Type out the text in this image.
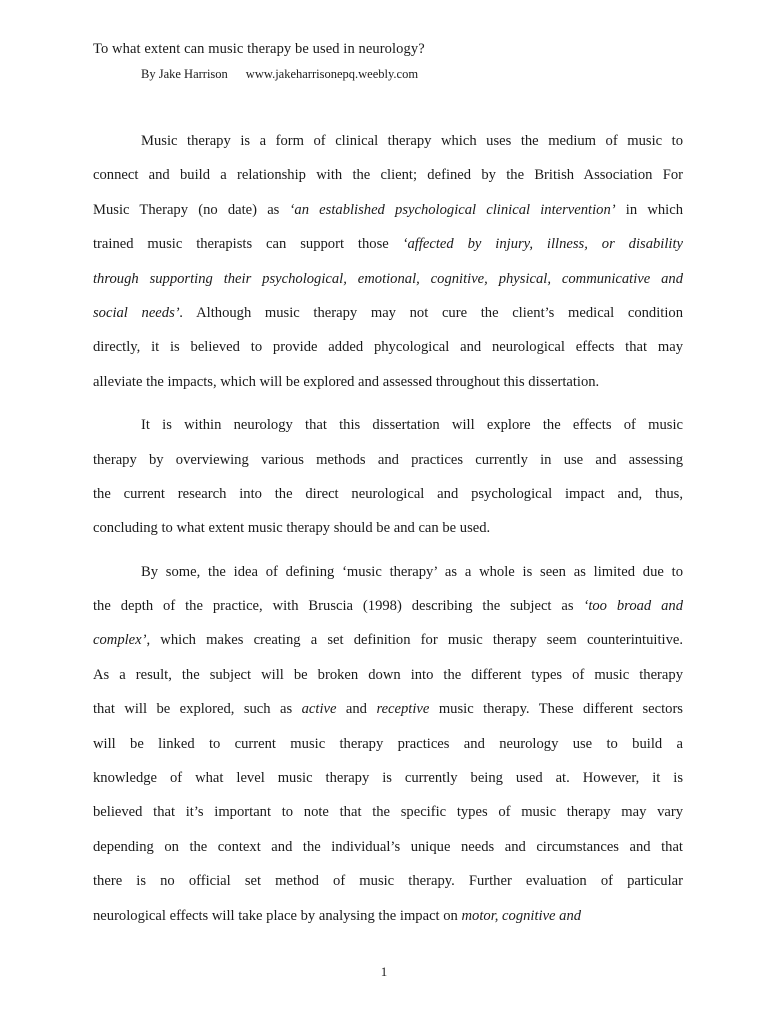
To what extent can music therapy be used in neurology?
By Jake Harrison www.jakeharrisonepq.weebly.com
Music therapy is a form of clinical therapy which uses the medium of music to
connect and build a relationship with the client; defined by the British Association For
Music Therapy (no date) as ‘an established psychological clinical intervention’ in which
trained music therapists can support those ‘affected by injury, illness, or disability
through supporting their psychological, emotional, cognitive, physical, communicative and
social needs’. Although music therapy may not cure the client’s medical condition
directly, it is believed to provide added phycological and neurological effects that may
alleviate the impacts, which will be explored and assessed throughout this dissertation.
It is within neurology that this dissertation will explore the effects of music
therapy by overviewing various methods and practices currently in use and assessing
the current research into the direct neurological and psychological impact and, thus,
concluding to what extent music therapy should be and can be used.
By some, the idea of defining ‘music therapy’ as a whole is seen as limited due to
the depth of the practice, with Bruscia (1998) describing the subject as ‘too broad and
complex’, which makes creating a set definition for music therapy seem counterintuitive.
As a result, the subject will be broken down into the different types of music therapy
that will be explored, such as active and receptive music therapy. These different sectors
will be linked to current music therapy practices and neurology use to build a
knowledge of what level music therapy is currently being used at. However, it is
believed that it’s important to note that the specific types of music therapy may vary
depending on the context and the individual’s unique needs and circumstances and that
there is no official set method of music therapy. Further evaluation of particular
neurological effects will take place by analysing the impact on motor, cognitive and
1
